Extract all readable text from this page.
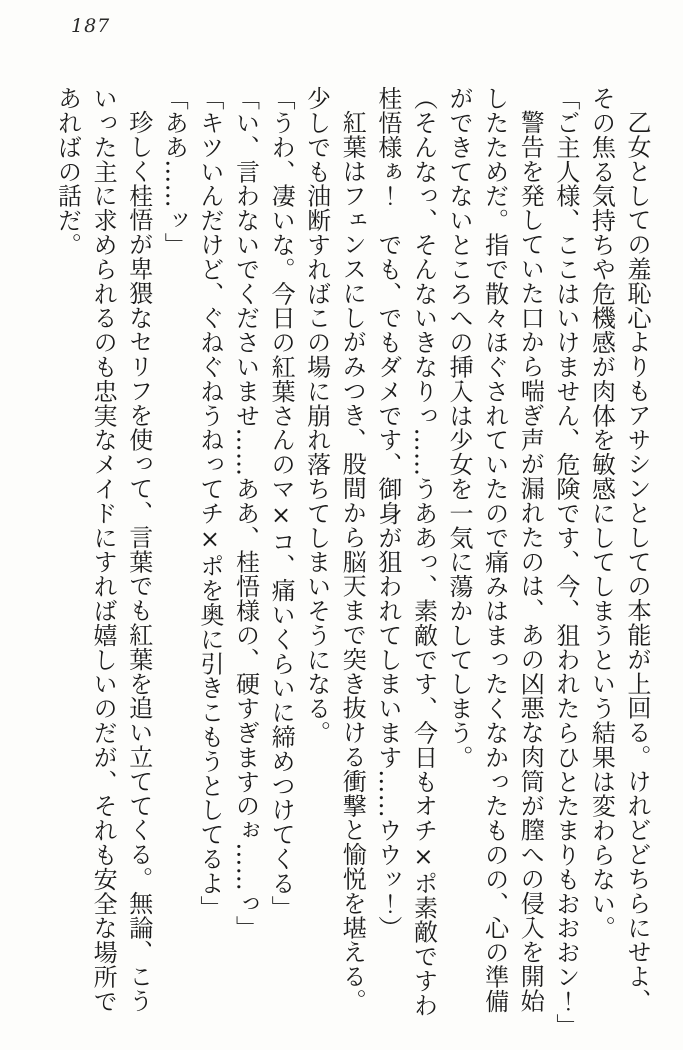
187
乙女としての羞恥心よりもアサシンとしての本能が上回る。けれどどちらにせよ、
その焦る気持ちや危機感が肉体を敏感にしてしまうという結果は変わらない。
「ご主人様、ここはいけません、危険です、今、狙われたらひとたまりもおおおン！」
警告を発していた口から喘ぎ声が漏れたのは、あの凶悪な肉筒が膣への侵入を開始
したためだ。指で散々ほぐされていたので痛みはまったくなかったものの、心の準備
ができてないところへの挿入は少女を一気に蕩かしてしまう。
（そんなっ、そんないきなりっ……うああっ、素敵です、今日もオチ×ポ素敵ですわ
桂悟様ぁ！　でも、でもダメです、御身が狙われてしまいます……ウウッ！）
紅葉はフェンスにしがみつき、股間から脳天まで突き抜ける衝撃と愉悦を堪える。
少しでも油断すればこの場に崩れ落ちてしまいそうになる。
「うわ、凄いな。今日の紅葉さんのマ×コ、痛いくらいに締めつけてくる」
「い、言わないでくださいませ……ああ、桂悟様の、硬すぎますのぉ……っ」
「キツいんだけど、ぐねぐねうねってチ×ポを奥に引きこもうとしてるよ」
「ああ……ッ」
珍しく桂悟が卑猥なセリフを使って、言葉でも紅葉を追い立ててくる。無論、こう
いった主に求められるのも忠実なメイドにすれば嬉しいのだが、それも安全な場所で
あればの話だ。
